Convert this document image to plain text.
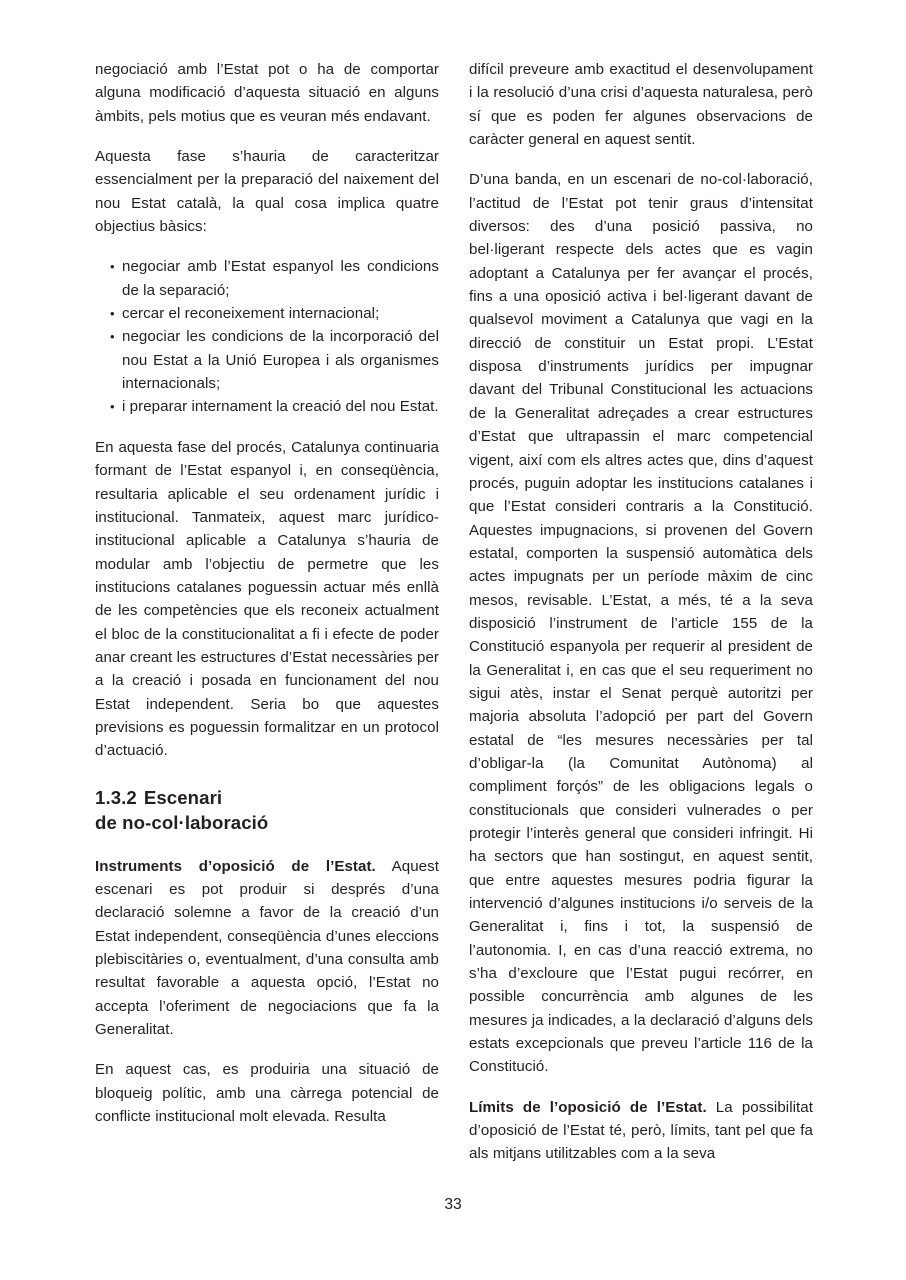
negociació amb l’Estat pot o ha de comportar alguna modificació d’aquesta situació en alguns àmbits, pels motius que es veuran més endavant.

Aquesta fase s’hauria de caracteritzar essencialment per la preparació del naixement del nou Estat català, la qual cosa implica quatre objectius bàsics:

• negociar amb l’Estat espanyol les condicions de la separació;
• cercar el reconeixement internacional;
• negociar les condicions de la incorporació del nou Estat a la Unió Europea i als organismes internacionals;
• i preparar internament la creació del nou Estat.

En aquesta fase del procés, Catalunya continuaria formant de l’Estat espanyol i, en conseqüència, resultaria aplicable el seu ordenament jurídic i institucional. Tanmateix, aquest marc jurídico-institucional aplicable a Catalunya s’hauria de modular amb l’objectiu de permetre que les institucions catalanes poguessin actuar més enllà de les competències que els reconeix actualment el bloc de la constitucionalitat a fi i efecte de poder anar creant les estructures d’Estat necessàries per a la creació i posada en funcionament del nou Estat independent. Seria bo que aquestes previsions es poguessin formalitzar en un protocol d’actuació.

1.3.2 Escenari
de no-col·laboració

Instruments d’oposició de l’Estat. Aquest escenari es pot produir si després d’una declaració solemne a favor de la creació d’un Estat independent, conseqüència d’unes eleccions plebiscitàries o, eventualment, d’una consulta amb resultat favorable a aquesta opció, l’Estat no accepta l’oferiment de negociacions que fa la Generalitat.

En aquest cas, es produiria una situació de bloqueig polític, amb una càrrega potencial de conflicte institucional molt elevada. Resulta

difícil preveure amb exactitud el desenvolupament i la resolució d’una crisi d’aquesta naturalesa, però sí que es poden fer algunes observacions de caràcter general en aquest sentit.

D’una banda, en un escenari de no-col·laboració, l’actitud de l’Estat pot tenir graus d’intensitat diversos: des d’una posició passiva, no bel·ligerant respecte dels actes que es vagin adoptant a Catalunya per fer avançar el procés, fins a una oposició activa i bel·ligerant davant de qualsevol moviment a Catalunya que vagi en la direcció de constituir un Estat propi. L’Estat disposa d’instruments jurídics per impugnar davant del Tribunal Constitucional les actuacions de la Generalitat adreçades a crear estructures d’Estat que ultrapassin el marc competencial vigent, així com els altres actes que, dins d’aquest procés, puguin adoptar les institucions catalanes i que l’Estat consideri contraris a la Constitució. Aquestes impugnacions, si provenen del Govern estatal, comporten la suspensió automàtica dels actes impugnats per un període màxim de cinc mesos, revisable. L’Estat, a més, té a la seva disposició l’instrument de l’article 155 de la Constitució espanyola per requerir al president de la Generalitat i, en cas que el seu requeriment no sigui atès, instar el Senat perquè autoritzi per majoria absoluta l’adopció per part del Govern estatal de “les mesures necessàries per tal d’obligar-la (la Comunitat Autònoma) al compliment forçós” de les obligacions legals o constitucionals que consideri vulnerades o per protegir l’interès general que consideri infringit. Hi ha sectors que han sostingut, en aquest sentit, que entre aquestes mesures podria figurar la intervenció d’algunes institucions i/o serveis de la Generalitat i, fins i tot, la suspensió de l’autonomia. I, en cas d’una reacció extrema, no s’ha d’excloure que l’Estat pugui recórrer, en possible concurrència amb algunes de les mesures ja indicades, a la declaració d’alguns dels estats excepcionals que preveu l’article 116 de la Constitució.

Límits de l’oposició de l’Estat. La possibilitat d’oposició de l’Estat té, però, límits, tant pel que fa als mitjans utilitzables com a la seva

33
